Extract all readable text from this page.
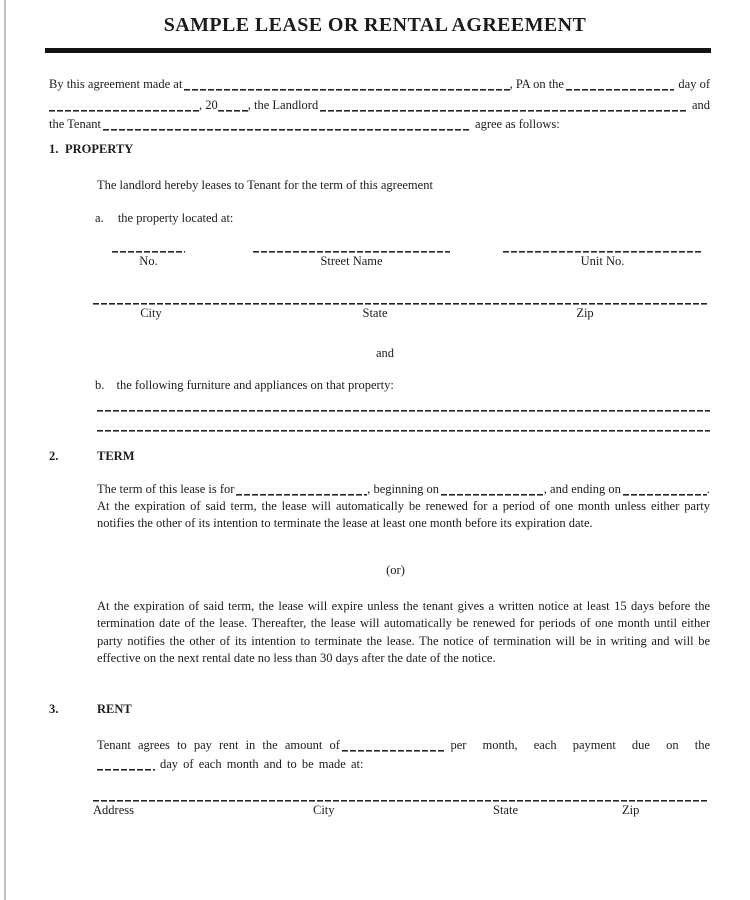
SAMPLE LEASE OR RENTAL AGREEMENT
By this agreement made at	, PA on the	day of
, 20 , the Landlord	and
the Tenant	agree as follows:
1. PROPERTY
The landlord hereby leases to Tenant for the term of this agreement
a. the property located at:
No.	Street Name	Unit No.
City	State	Zip
and
b. the following furniture and appliances on that property:
2.	TERM
The term of this lease is for	, beginning on	, and ending on	.
At the expiration of said term, the lease will automatically be renewed for a period of one month unless either party notifies the other of its intention to terminate the lease at least one month before its expiration date.
(or)
At the expiration of said term, the lease will expire unless the tenant gives a written notice at least 15 days before the termination date of the lease. Thereafter, the lease will automatically be renewed for periods of one month until either party notifies the other of its intention to terminate the lease. The notice of termination will be in writing and will be effective on the next rental date no less than 30 days after the date of the notice.
3.	RENT
Tenant agrees to pay rent in the amount of	per month, each payment due on the
day of each month and to be made at:
Address	City	State	Zip
